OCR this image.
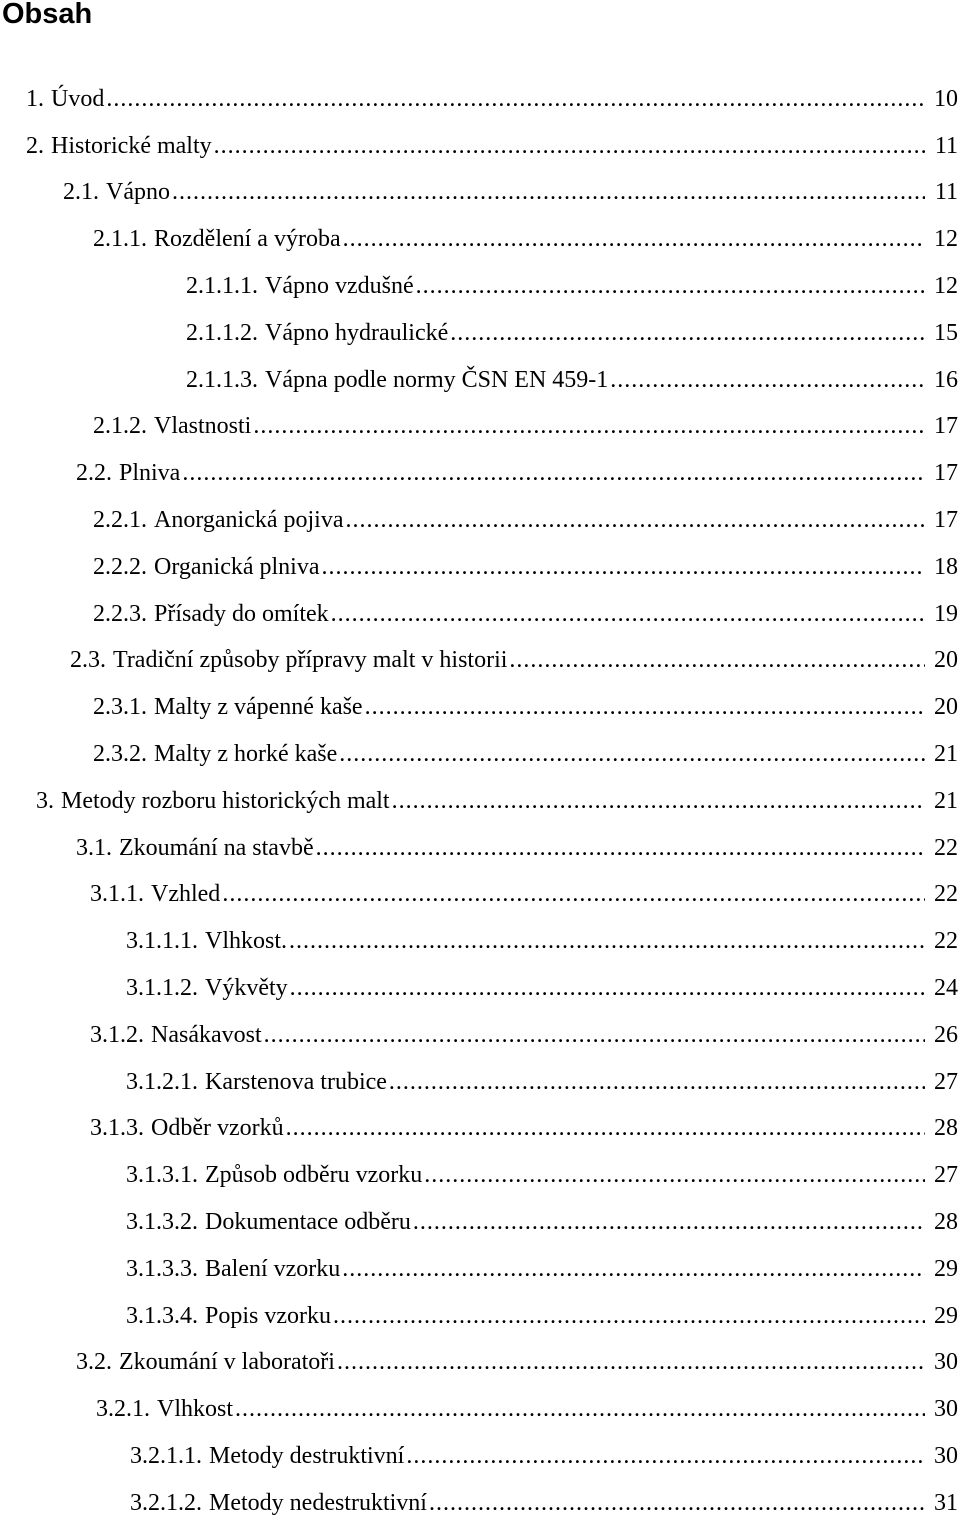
Obsah
1. Úvod .....	10
2. Historické malty .....	11
2.1. Vápno .....	11
2.1.1. Rozdělení a výroba .....	12
2.1.1.1. Vápno vzdušné .....	12
2.1.1.2. Vápno hydraulické .....	15
2.1.1.3. Vápna podle normy ČSN EN 459-1 .....	16
2.1.2. Vlastnosti .....	17
2.2. Plniva .....	17
2.2.1. Anorganická pojiva .....	17
2.2.2. Organická plniva .....	18
2.2.3. Přísady do omítek .....	19
2.3. Tradiční způsoby přípravy malt v historii .....	20
2.3.1. Malty z vápenné kaše .....	20
2.3.2. Malty z horké kaše .....	21
3. Metody rozboru historických malt .....	21
3.1. Zkoumání na stavbě .....	22
3.1.1. Vzhled .....	22
3.1.1.1. Vlhkost. .....	22
3.1.1.2. Výkvěty .....	24
3.1.2. Nasákavost .....	26
3.1.2.1. Karstenova trubice .....	27
3.1.3. Odběr vzorků .....	28
3.1.3.1. Způsob odběru vzorku .....	27
3.1.3.2. Dokumentace odběru .....	28
3.1.3.3. Balení vzorku .....	29
3.1.3.4. Popis vzorku .....	29
3.2. Zkoumání v laboratoři .....	30
3.2.1. Vlhkost .....	30
3.2.1.1. Metody destruktivní .....	30
3.2.1.2. Metody nedestruktivní .....	31
